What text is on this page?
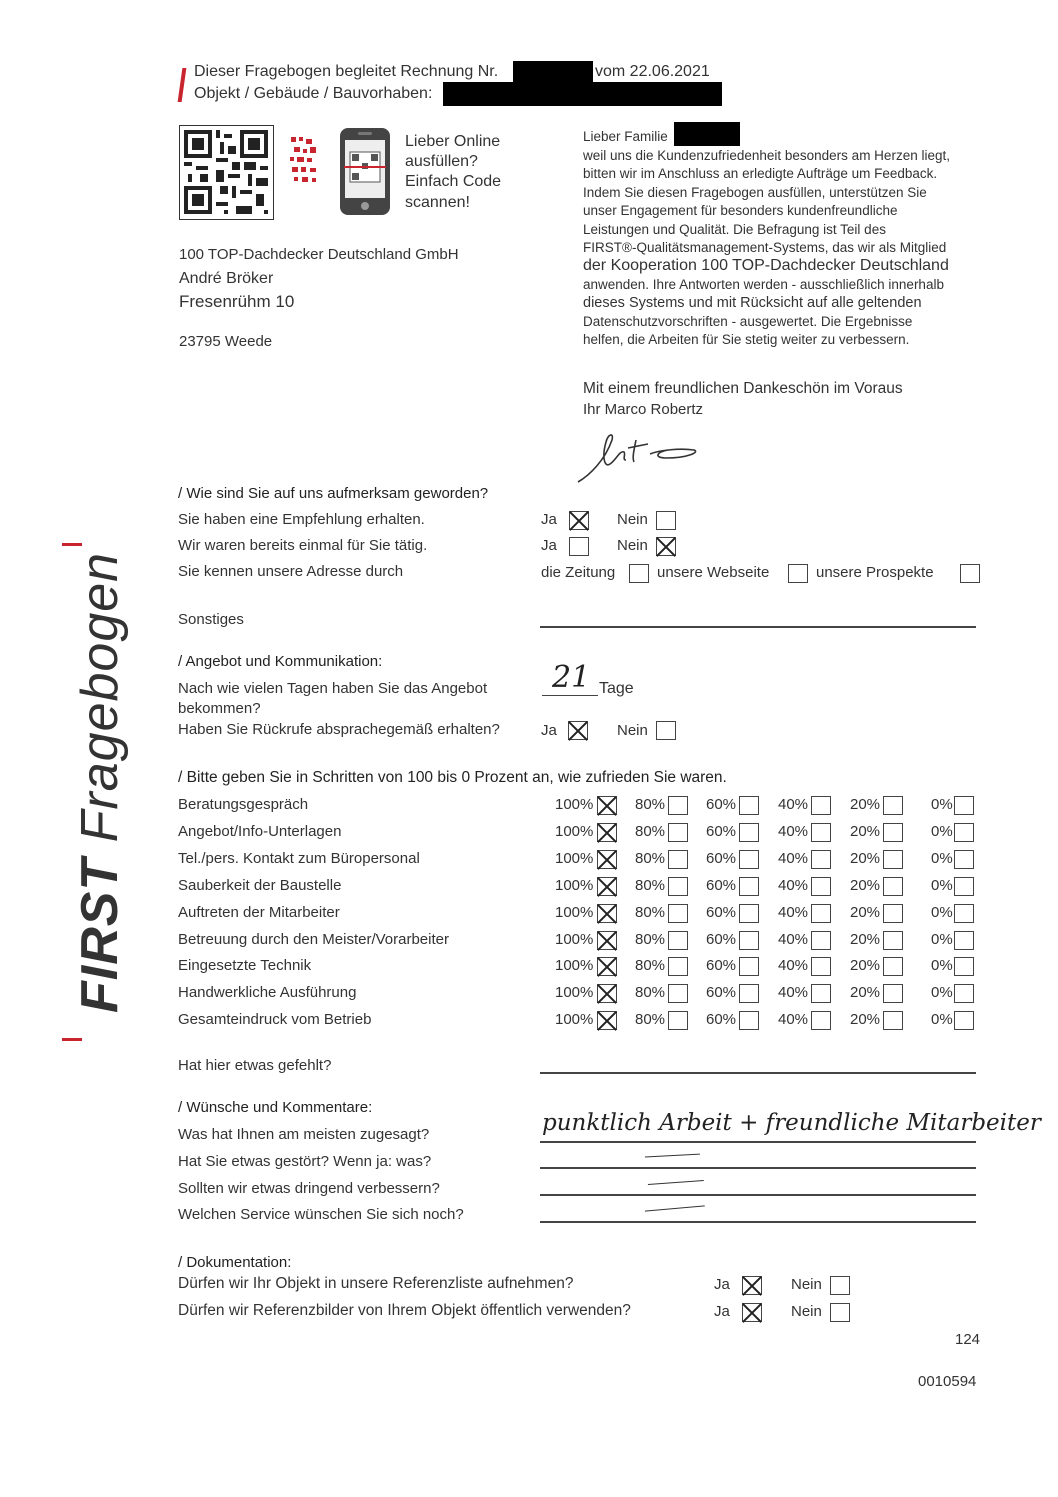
Dieser Fragebogen begleitet Rechnung Nr.	vom 22.06.2021
Objekt / Gebäude / Bauvorhaben:
Lieber Online
ausfüllen?
Einfach Code
scannen!
100 TOP-Dachdecker Deutschland GmbH
André Bröker
Fresenrühm 10
23795 Weede
Lieber Familie
weil uns die Kundenzufriedenheit besonders am Herzen liegt,
bitten wir im Anschluss an erledigte Aufträge um Feedback.
Indem Sie diesen Fragebogen ausfüllen, unterstützen Sie
unser Engagement für besonders kundenfreundliche
Leistungen und Qualität. Die Befragung ist Teil des
FIRST®-Qualitätsmanagement-Systems, das wir als Mitglied
der Kooperation 100 TOP-Dachdecker Deutschland
anwenden. Ihre Antworten werden - ausschließlich innerhalb
dieses Systems und mit Rücksicht auf alle geltenden
Datenschutzvorschriften - ausgewertet. Die Ergebnisse
helfen, die Arbeiten für Sie stetig weiter zu verbessern.
Mit einem freundlichen Dankeschön im Voraus
Ihr Marco Robertz
FIRST Fragebogen
/ Wie sind Sie auf uns aufmerksam geworden?
Sie haben eine Empfehlung erhalten.	Ja	Nein
Wir waren bereits einmal für Sie tätig.	Ja	Nein
Sie kennen unsere Adresse durch	die Zeitung	unsere Webseite	unsere Prospekte
Sonstiges
/ Angebot und Kommunikation:
Nach wie vielen Tagen haben Sie das Angebot
bekommen?
21 Tage
Haben Sie Rückrufe absprachegemäß erhalten?	Ja	Nein
/ Bitte geben Sie in Schritten von 100 bis 0 Prozent an, wie zufrieden Sie waren.
Beratungsgespräch	100%	80%	60%	40%	20%	0%
Angebot/Info-Unterlagen	100%	80%	60%	40%	20%	0%
Tel./pers. Kontakt zum Büropersonal	100%	80%	60%	40%	20%	0%
Sauberkeit der Baustelle	100%	80%	60%	40%	20%	0%
Auftreten der Mitarbeiter	100%	80%	60%	40%	20%	0%
Betreuung durch den Meister/Vorarbeiter	100%	80%	60%	40%	20%	0%
Eingesetzte Technik	100%	80%	60%	40%	20%	0%
Handwerkliche Ausführung	100%	80%	60%	40%	20%	0%
Gesamteindruck vom Betrieb	100%	80%	60%	40%	20%	0%
Hat hier etwas gefehlt?
/ Wünsche und Kommentare:
Was hat Ihnen am meisten zugesagt?	punktlich Arbeit + freundliche Mitarbeiter
Hat Sie etwas gestört? Wenn ja: was?
Sollten wir etwas dringend verbessern?
Welchen Service wünschen Sie sich noch?
/ Dokumentation:
Dürfen wir Ihr Objekt in unsere Referenzliste aufnehmen?	Ja	Nein
Dürfen wir Referenzbilder von Ihrem Objekt öffentlich verwenden?	Ja	Nein
124
0010594
